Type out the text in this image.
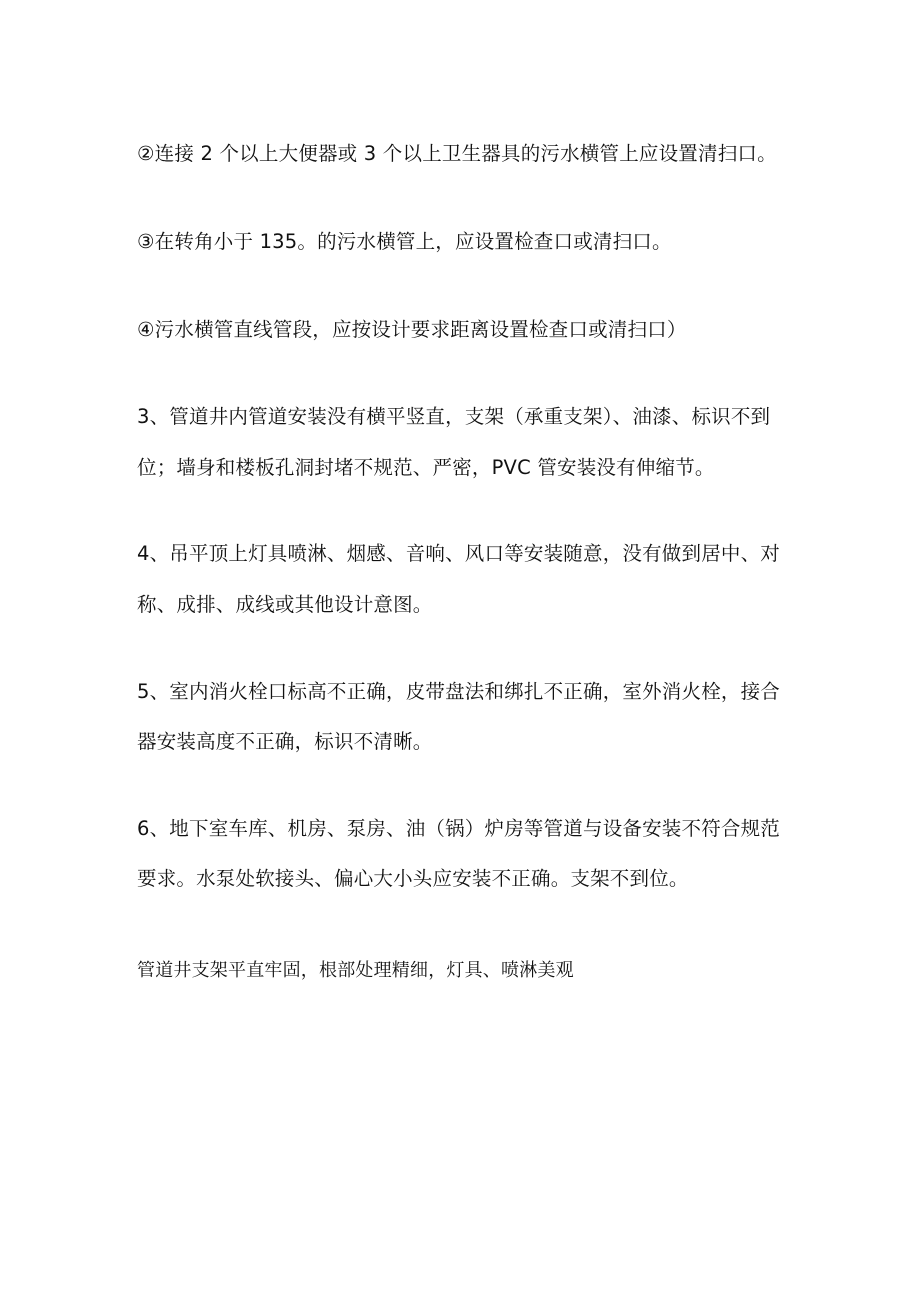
②连接 2 个以上大便器或 3 个以上卫生器具的污水横管上应设置清扫口。
③在转角小于 135。的污水横管上，应设置检查口或清扫口。
④污水横管直线管段，应按设计要求距离设置检查口或清扫口）
3、管道井内管道安装没有横平竖直，支架（承重支架）、油漆、标识不到
位；墙身和楼板孔洞封堵不规范、严密，PVC 管安装没有伸缩节。
4、吊平顶上灯具喷淋、烟感、音响、风口等安装随意，没有做到居中、对
称、成排、成线或其他设计意图。
5、室内消火栓口标高不正确，皮带盘法和绑扎不正确，室外消火栓，接合
器安装高度不正确，标识不清晰。
6、地下室车库、机房、泵房、油（锅）炉房等管道与设备安装不符合规范
要求。水泵处软接头、偏心大小头应安装不正确。支架不到位。
管道井支架平直牢固，根部处理精细，灯具、喷淋美观
